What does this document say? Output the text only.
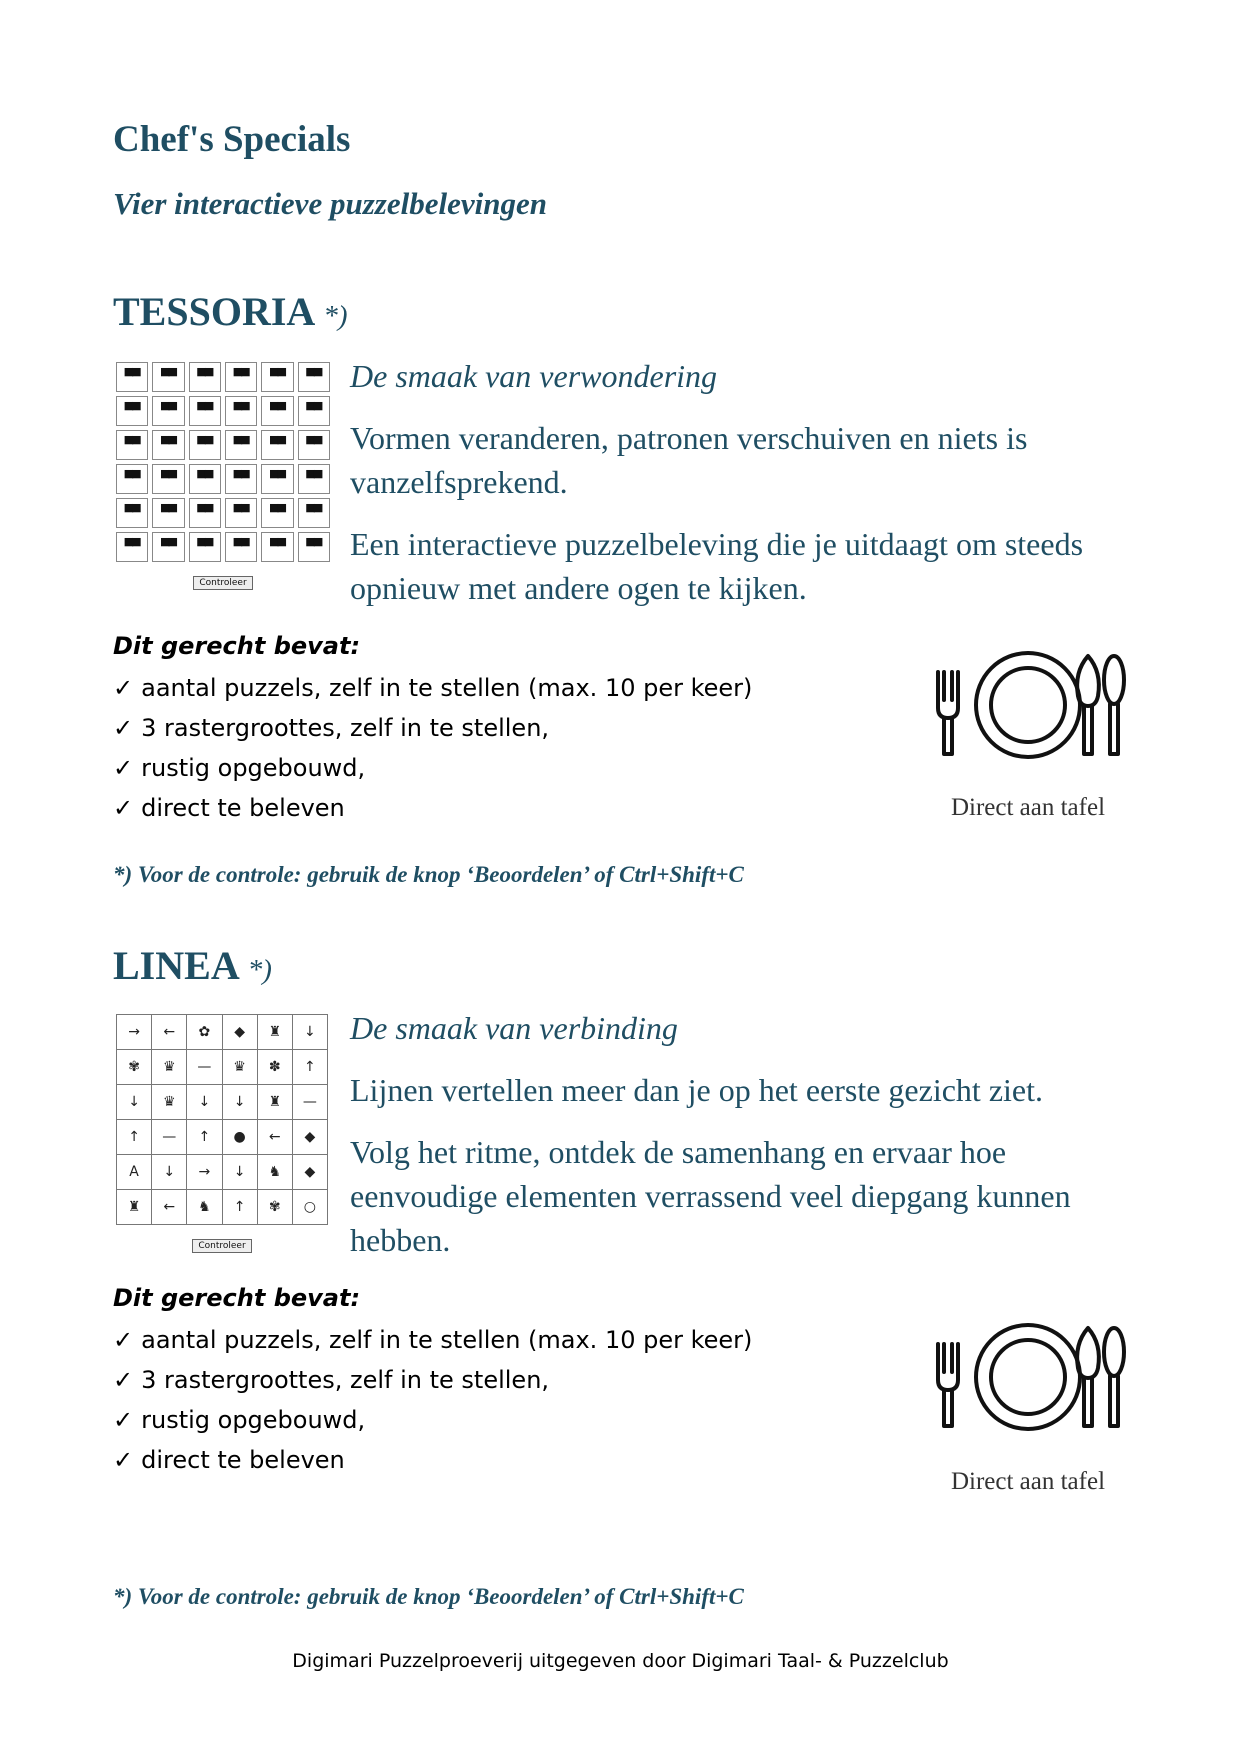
Chef's Specials
Vier interactieve puzzelbelevingen
TESSORIA *)
▀▀	▀▀	▀▀	▀▀	▀▀	▀▀
▀▀	▀▀	▀▀	▀▀	▀▀	▀▀
▀▀	▀▀	▀▀	▀▀	▀▀	▀▀
▀▀	▀▀	▀▀	▀▀	▀▀	▀▀
▀▀	▀▀	▀▀	▀▀	▀▀	▀▀
▀▀	▀▀	▀▀	▀▀	▀▀	▀▀
Controleer
De smaak van verwondering

Vormen veranderen, patronen verschuiven en niets is vanzelfsprekend.

Een interactieve puzzelbeleving die je uitdaagt om steeds opnieuw met andere ogen te kijken.

Dit gerecht bevat:
✓ aantal puzzels, zelf in te stellen (max. 10 per keer)
✓ 3 rastergroottes, zelf in te stellen,
✓ rustig opgebouwd,
✓ direct te beleven	Direct aan tafel
*) Voor de controle: gebruik de knop ‘Beoordelen’ of Ctrl+Shift+C
LINEA *)
→	←	✿	◆	♜	↓
✾	♛	—	♛	✽	↑
↓	♛	↓	↓	♜	—
↑	—	↑	●	←	◆
A	↓	→	↓	♞	◆
♜	←	♞	↑	✾	○
Controleer
De smaak van verbinding

Lijnen vertellen meer dan je op het eerste gezicht ziet.

Volg het ritme, ontdek de samenhang en ervaar hoe eenvoudige elementen verrassend veel diepgang kunnen hebben.

Dit gerecht bevat:
✓ aantal puzzels, zelf in te stellen (max. 10 per keer)
✓ 3 rastergroottes, zelf in te stellen,
✓ rustig opgebouwd,
✓ direct te beleven
Direct aan tafel
*) Voor de controle: gebruik de knop ‘Beoordelen’ of Ctrl+Shift+C
Digimari Puzzelproeverij uitgegeven door Digimari Taal- & Puzzelclub
